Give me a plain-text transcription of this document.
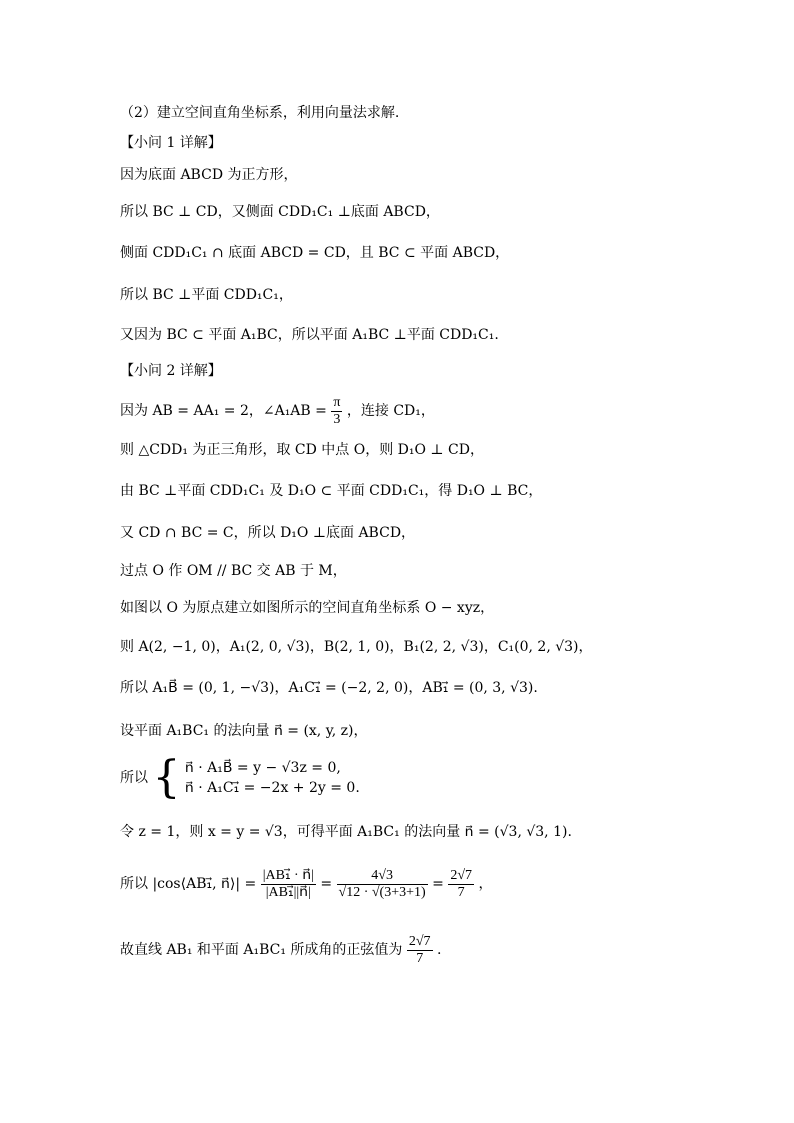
（2）建立空间直角坐标系，利用向量法求解.
【小问 1 详解】
因为底面 ABCD 为正方形，
所以 BC ⊥ CD，又侧面 CDD₁C₁ ⊥底面 ABCD，
侧面 CDD₁C₁ ∩ 底面 ABCD = CD，且 BC ⊂ 平面 ABCD，
所以 BC ⊥平面 CDD₁C₁，
又因为 BC ⊂ 平面 A₁BC，所以平面 A₁BC ⊥平面 CDD₁C₁.
【小问 2 详解】
因为 AB = AA₁ = 2，∠A₁AB = $\frac{\pi}{3}$ ，连接 CD₁，
则 △CDD₁ 为正三角形，取 CD 中点 O，则 D₁O ⊥ CD，
由 BC ⊥平面 CDD₁C₁ 及 D₁O ⊂ 平面 CDD₁C₁，得 D₁O ⊥ BC，
又 CD ∩ BC = C，所以 D₁O ⊥底面 ABCD，
过点 O 作 OM // BC 交 AB 于 M，
如图以 O 为原点建立如图所示的空间直角坐标系 O − xyz，
则 A(2, −1, 0)，A₁(2, 0, √3)，B(2, 1, 0)，B₁(2, 2, √3)，C₁(0, 2, √3)，
所以 A₁B⃗ = (0, 1, −√3)，A₁C₁⃗ = (−2, 2, 0)，AB₁⃗ = (0, 3, √3).
设平面 A₁BC₁ 的法向量 n⃗ = (x, y, z)，
所以 { n⃗ · A₁B⃗ = y − √3z = 0,
n⃗ · A₁C₁⃗ = −2x + 2y = 0.
令 z = 1，则 x = y = √3，可得平面 A₁BC₁ 的法向量 n⃗ = (√3, √3, 1).
所以 |cos⟨AB₁⃗, n⃗⟩| = $\frac{\text{|AB₁⃗ · n⃗|}}{\text{|AB₁⃗||n⃗|}} = \frac{4√3}{√12 \cdot √(3+3+1)} = \frac{2√7}{7}$ ，
故直线 AB₁ 和平面 A₁BC₁ 所成角的正弦值为 $\frac{2√7}{7}$ .
